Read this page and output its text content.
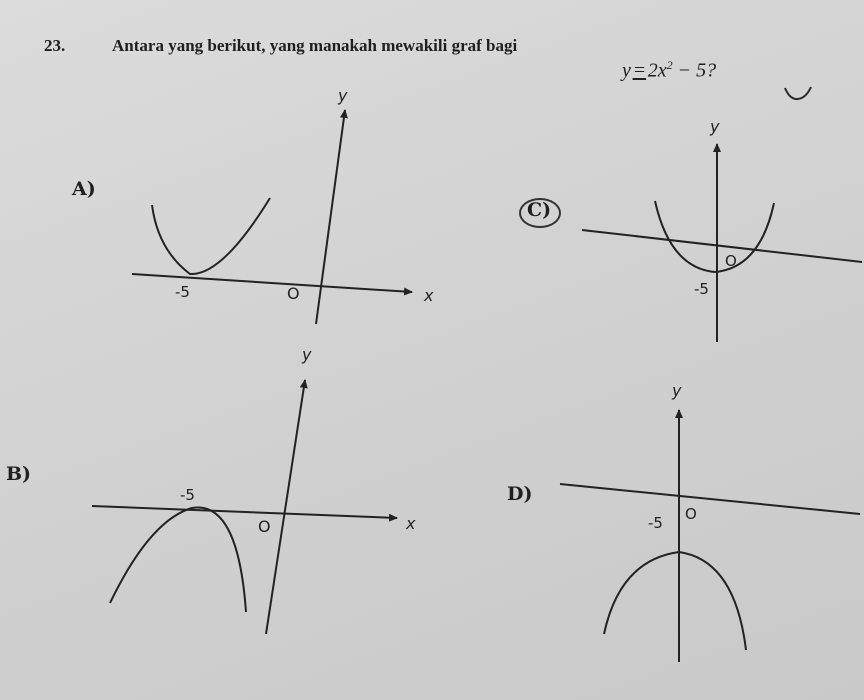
23.	Antara yang berikut, yang manakah mewakili graf bagi
y = $2x^2 - 5$?
A)
B)
C)
D)
y
x
O
-5
y
x
O
-5
y
O
-5
y
O
-5
